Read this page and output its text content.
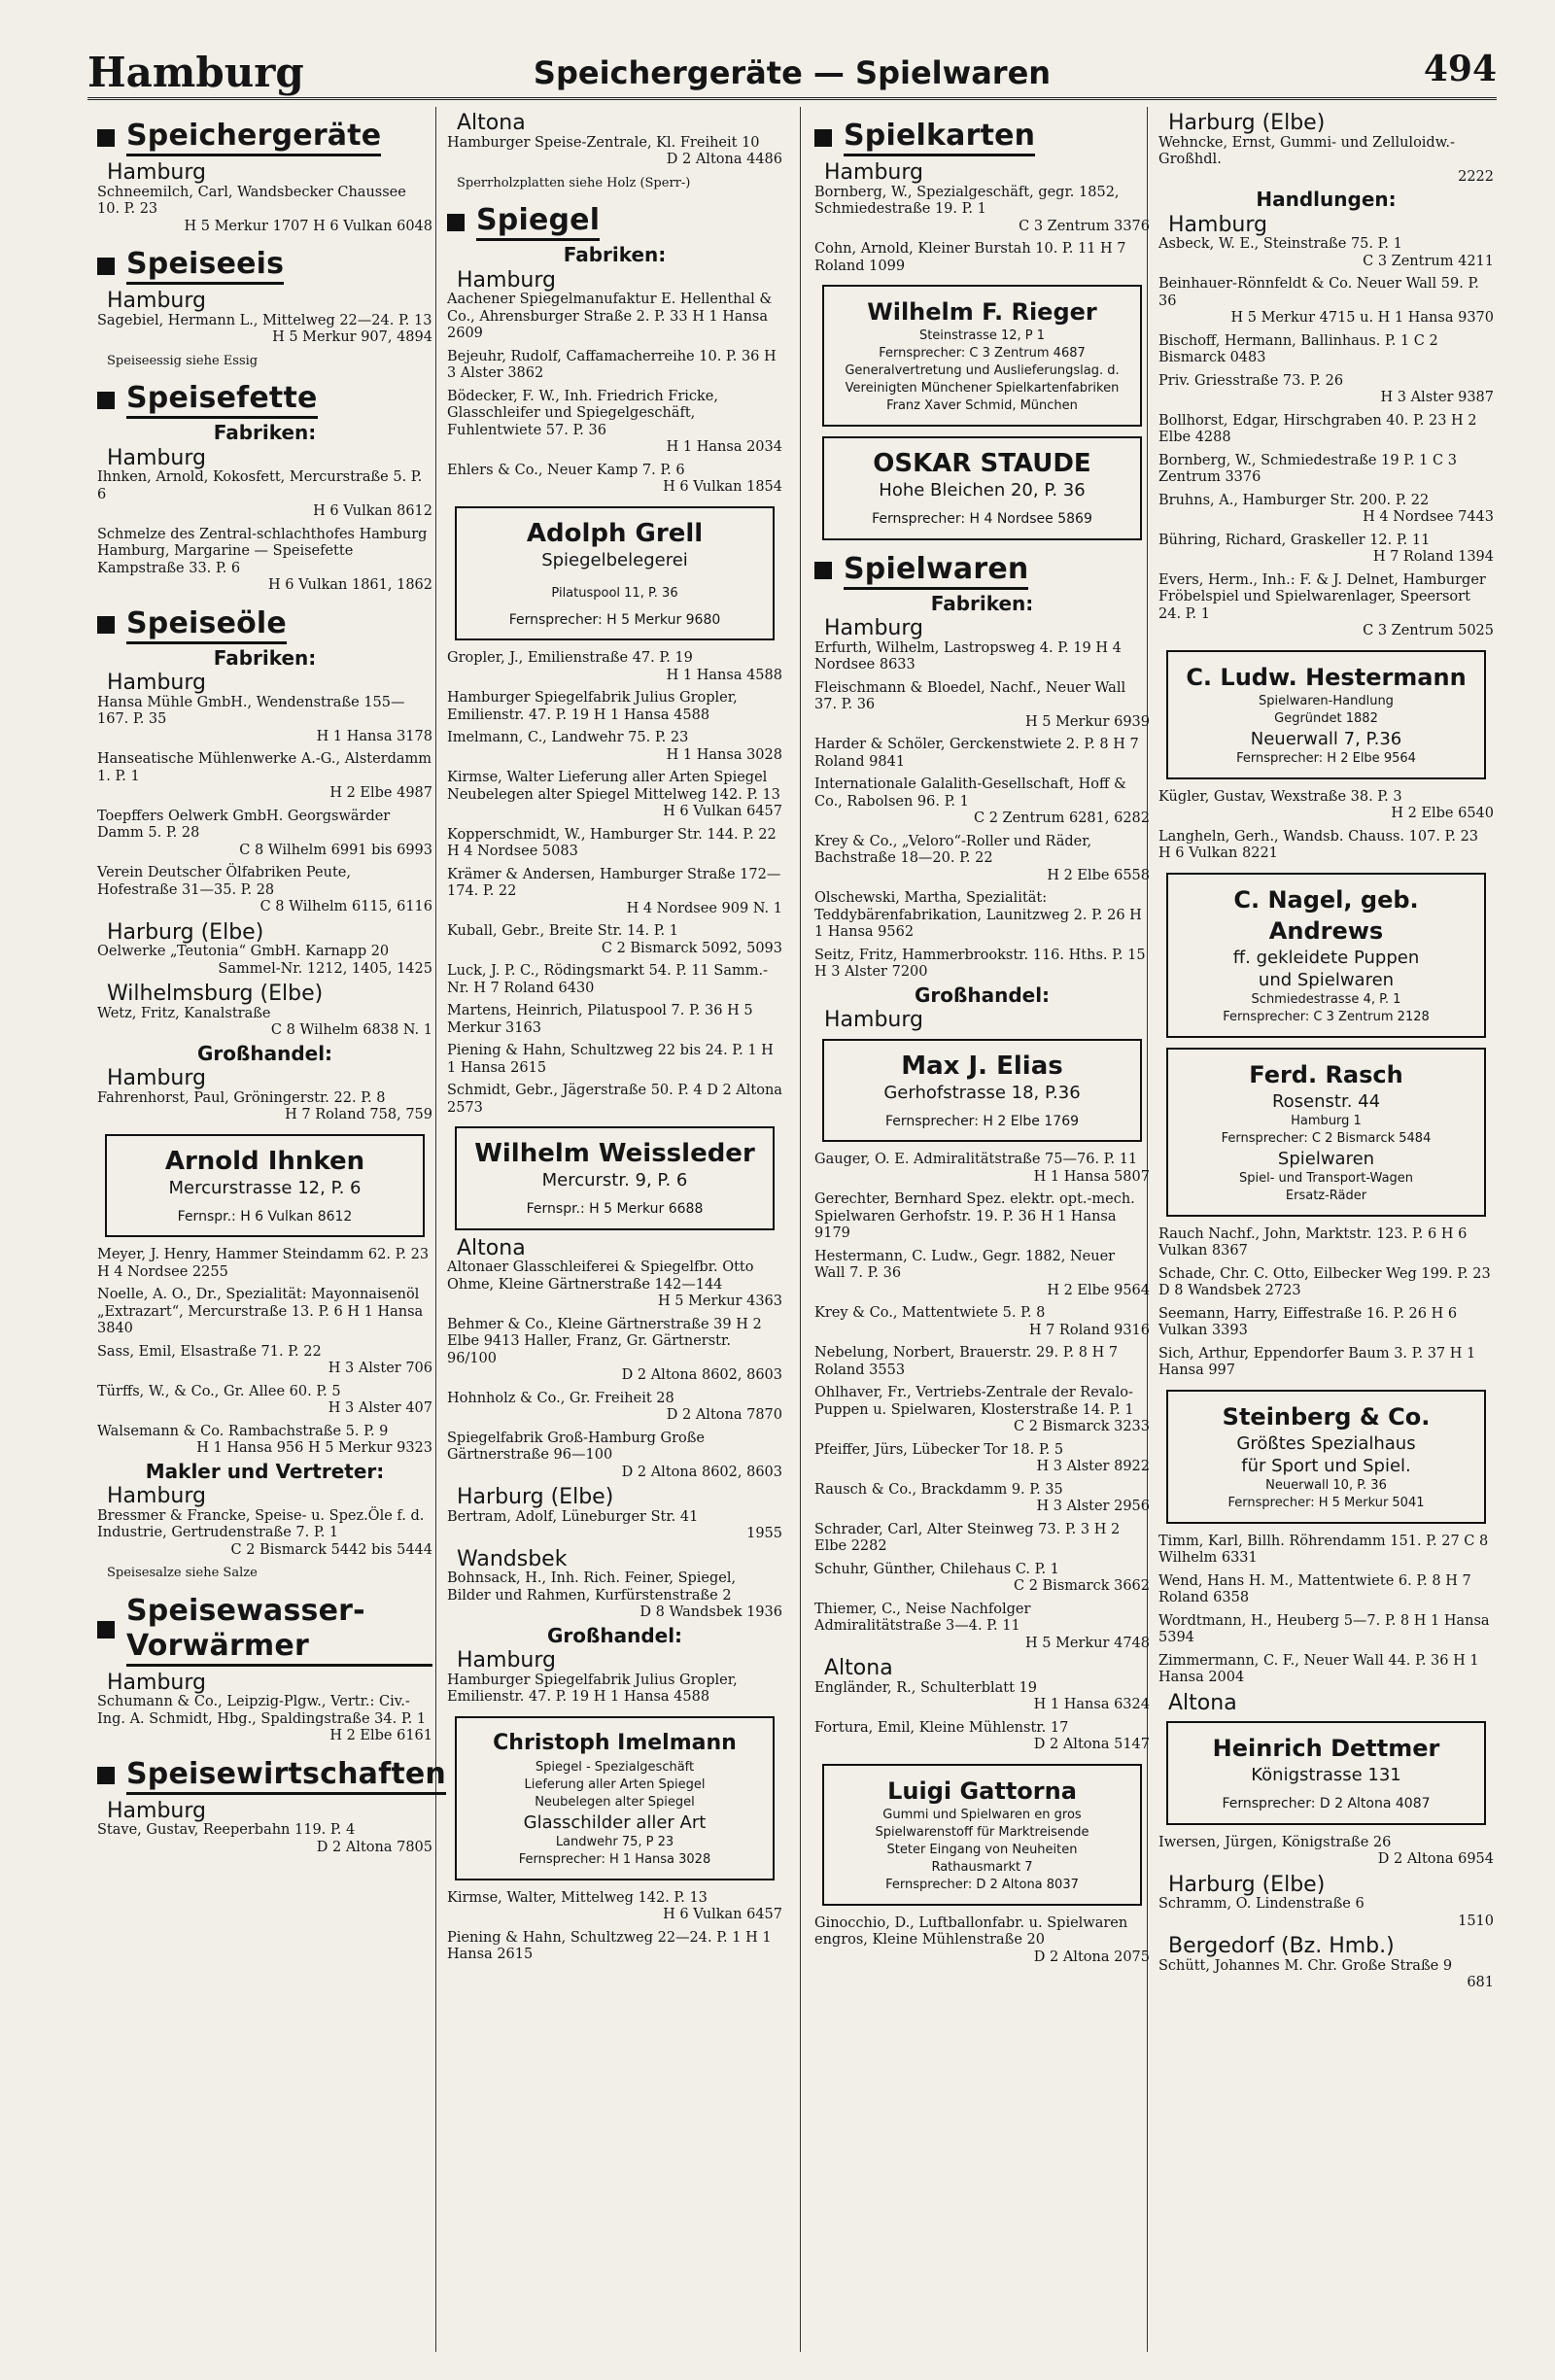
Hamburg	Speichergeräte — Spielwaren	494
Speichergeräte
Hamburg
Schneemilch, Carl, Wandsbecker Chaussee 10. P. 23
H 5 Merkur 1707 H 6 Vulkan 6048
Speiseeis
Hamburg
Sagebiel, Hermann L., Mittelweg 22—24. P. 13
H 5 Merkur 907, 4894
Speiseessig siehe Essig
Speisefette
Fabriken:
Hamburg
Ihnken, Arnold, Kokosfett, Mercurstraße 5. P. 6
H 6 Vulkan 8612
Schmelze des Zentral-schlachthofes Hamburg Hamburg, Margarine — Speisefette Kampstraße 33. P. 6
H 6 Vulkan 1861, 1862
Speiseöle
Fabriken:
Hamburg
Hansa Mühle GmbH., Wendenstraße 155—167. P. 35
H 1 Hansa 3178
Hanseatische Mühlenwerke A.-G., Alsterdamm 1. P. 1
H 2 Elbe 4987
Toepffers Oelwerk GmbH. Georgswärder Damm 5. P. 28
C 8 Wilhelm 6991 bis 6993
Verein Deutscher Ölfabriken Peute, Hofestraße 31—35. P. 28
C 8 Wilhelm 6115, 6116
Harburg (Elbe)
Oelwerke „Teutonia“ GmbH. Karnapp 20
Sammel-Nr. 1212, 1405, 1425
Wilhelmsburg (Elbe)
Wetz, Fritz, Kanalstraße
C 8 Wilhelm 6838 N. 1
Großhandel:
Hamburg
Fahrenhorst, Paul, Gröningerstr. 22. P. 8
H 7 Roland 758, 759
Arnold Ihnken
Mercurstrasse 12, P. 6
Fernspr.: H 6 Vulkan 8612
Meyer, J. Henry, Hammer Steindamm 62. P. 23 H 4 Nordsee 2255
Noelle, A. O., Dr., Spezialität: Mayonnaisenöl „Extrazart“, Mercurstraße 13. P. 6 H 1 Hansa 3840
Sass, Emil, Elsastraße 71. P. 22
H 3 Alster 706
Türffs, W., & Co., Gr. Allee 60. P. 5
H 3 Alster 407
Walsemann & Co. Rambachstraße 5. P. 9
H 1 Hansa 956 H 5 Merkur 9323
Makler und Vertreter:
Hamburg
Bressmer & Francke, Speise- u. Spez.Öle f. d. Industrie, Gertrudenstraße 7. P. 1
C 2 Bismarck 5442 bis 5444
Speisesalze siehe Salze
Speisewasser-Vorwärmer
Hamburg
Schumann & Co., Leipzig-Plgw., Vertr.: Civ.-Ing. A. Schmidt, Hbg., Spaldingstraße 34. P. 1
H 2 Elbe 6161
Speisewirtschaften
Hamburg
Stave, Gustav, Reeperbahn 119. P. 4
D 2 Altona 7805
Altona
Hamburger Speise-Zentrale, Kl. Freiheit 10
D 2 Altona 4486
Sperrholzplatten siehe Holz (Sperr-)
Spiegel
Fabriken:
Hamburg
Aachener Spiegelmanufaktur E. Hellenthal & Co., Ahrensburger Straße 2. P. 33 H 1 Hansa 2609
Bejeuhr, Rudolf, Caffamacherreihe 10. P. 36 H 3 Alster 3862
Bödecker, F. W., Inh. Friedrich Fricke, Glasschleifer und Spiegelgeschäft, Fuhlentwiete 57. P. 36
H 1 Hansa 2034
Ehlers & Co., Neuer Kamp 7. P. 6
H 6 Vulkan 1854
Adolph Grell
Spiegelbelegerei
Pilatuspool 11, P. 36
Fernsprecher: H 5 Merkur 9680
Gropler, J., Emilienstraße 47. P. 19
H 1 Hansa 4588
Hamburger Spiegelfabrik Julius Gropler, Emilienstr. 47. P. 19 H 1 Hansa 4588
Imelmann, C., Landwehr 75. P. 23
H 1 Hansa 3028
Kirmse, Walter Lieferung aller Arten Spiegel Neubelegen alter Spiegel Mittelweg 142. P. 13
H 6 Vulkan 6457
Kopperschmidt, W., Hamburger Str. 144. P. 22 H 4 Nordsee 5083
Krämer & Andersen, Hamburger Straße 172—174. P. 22
H 4 Nordsee 909 N. 1
Kuball, Gebr., Breite Str. 14. P. 1
C 2 Bismarck 5092, 5093
Luck, J. P. C., Rödingsmarkt 54. P. 11 Samm.-Nr. H 7 Roland 6430
Martens, Heinrich, Pilatuspool 7. P. 36 H 5 Merkur 3163
Piening & Hahn, Schultzweg 22 bis 24. P. 1 H 1 Hansa 2615
Schmidt, Gebr., Jägerstraße 50. P. 4 D 2 Altona 2573
Wilhelm Weissleder
Mercurstr. 9, P. 6
Fernspr.: H 5 Merkur 6688
Altona
Altonaer Glasschleiferei & Spiegelfbr. Otto Ohme, Kleine Gärtnerstraße 142—144
H 5 Merkur 4363
Behmer & Co., Kleine Gärtnerstraße 39 H 2 Elbe 9413 Haller, Franz, Gr. Gärtnerstr. 96/100
D 2 Altona 8602, 8603
Hohnholz & Co., Gr. Freiheit 28
D 2 Altona 7870
Spiegelfabrik Groß-Hamburg Große Gärtnerstraße 96—100
D 2 Altona 8602, 8603
Harburg (Elbe)
Bertram, Adolf, Lüneburger Str. 41
1955
Wandsbek
Bohnsack, H., Inh. Rich. Feiner, Spiegel, Bilder und Rahmen, Kurfürstenstraße 2
D 8 Wandsbek 1936
Großhandel:
Hamburg
Hamburger Spiegelfabrik Julius Gropler, Emilienstr. 47. P. 19 H 1 Hansa 4588
Christoph Imelmann
Spiegel - Spezialgeschäft
Lieferung aller Arten Spiegel
Neubelegen alter Spiegel
Glasschilder aller Art
Landwehr 75, P 23
Fernsprecher: H 1 Hansa 3028
Kirmse, Walter, Mittelweg 142. P. 13
H 6 Vulkan 6457
Piening & Hahn, Schultzweg 22—24. P. 1 H 1 Hansa 2615
Spielkarten
Hamburg
Bornberg, W., Spezialgeschäft, gegr. 1852, Schmiedestraße 19. P. 1
C 3 Zentrum 3376
Cohn, Arnold, Kleiner Burstah 10. P. 11 H 7 Roland 1099
Wilhelm F. Rieger
Steinstrasse 12, P 1
Fernsprecher: C 3 Zentrum 4687
Generalvertretung und Auslieferungslag. d. Vereinigten Münchener Spielkartenfabriken Franz Xaver Schmid, München
OSKAR STAUDE
Hohe Bleichen 20, P. 36
Fernsprecher: H 4 Nordsee 5869
Spielwaren
Fabriken:
Hamburg
Erfurth, Wilhelm, Lastropsweg 4. P. 19 H 4 Nordsee 8633
Fleischmann & Bloedel, Nachf., Neuer Wall 37. P. 36
H 5 Merkur 6939
Harder & Schöler, Gerckenstwiete 2. P. 8 H 7 Roland 9841
Internationale Galalith-Gesellschaft, Hoff & Co., Rabolsen 96. P. 1
C 2 Zentrum 6281, 6282
Krey & Co., „Veloro“-Roller und Räder, Bachstraße 18—20. P. 22
H 2 Elbe 6558
Olschewski, Martha, Spezialität: Teddybärenfabrikation, Launitzweg 2. P. 26 H 1 Hansa 9562
Seitz, Fritz, Hammerbrookstr. 116. Hths. P. 15 H 3 Alster 7200
Großhandel:
Hamburg
Max J. Elias
Gerhofstrasse 18, P.36
Fernsprecher: H 2 Elbe 1769
Gauger, O. E. Admiralitätstraße 75—76. P. 11
H 1 Hansa 5807
Gerechter, Bernhard Spez. elektr. opt.-mech. Spielwaren Gerhofstr. 19. P. 36 H 1 Hansa 9179
Hestermann, C. Ludw., Gegr. 1882, Neuer Wall 7. P. 36
H 2 Elbe 9564
Krey & Co., Mattentwiete 5. P. 8
H 7 Roland 9316
Nebelung, Norbert, Brauerstr. 29. P. 8 H 7 Roland 3553
Ohlhaver, Fr., Vertriebs-Zentrale der Revalo-Puppen u. Spielwaren, Klosterstraße 14. P. 1
C 2 Bismarck 3233
Pfeiffer, Jürs, Lübecker Tor 18. P. 5
H 3 Alster 8922
Rausch & Co., Brackdamm 9. P. 35
H 3 Alster 2956
Schrader, Carl, Alter Steinweg 73. P. 3 H 2 Elbe 2282
Schuhr, Günther, Chilehaus C. P. 1
C 2 Bismarck 3662
Thiemer, C., Neise Nachfolger Admiralitätstraße 3—4. P. 11
H 5 Merkur 4748
Altona
Engländer, R., Schulterblatt 19
H 1 Hansa 6324
Fortura, Emil, Kleine Mühlenstr. 17
D 2 Altona 5147
Luigi Gattorna
Gummi und Spielwaren en gros
Spielwarenstoff für Marktreisende
Steter Eingang von Neuheiten
Rathausmarkt 7
Fernsprecher: D 2 Altona 8037
Ginocchio, D., Luftballonfabr. u. Spielwaren engros, Kleine Mühlenstraße 20
D 2 Altona 2075
Harburg (Elbe)
Wehncke, Ernst, Gummi- und Zelluloidw.-Großhdl.
2222
Handlungen:
Hamburg
Asbeck, W. E., Steinstraße 75. P. 1
C 3 Zentrum 4211
Beinhauer-Rönnfeldt & Co. Neuer Wall 59. P. 36
H 5 Merkur 4715 u. H 1 Hansa 9370
Bischoff, Hermann, Ballinhaus. P. 1 C 2 Bismarck 0483
Priv. Griesstraße 73. P. 26
H 3 Alster 9387
Bollhorst, Edgar, Hirschgraben 40. P. 23 H 2 Elbe 4288
Bornberg, W., Schmiedestraße 19 P. 1 C 3 Zentrum 3376
Bruhns, A., Hamburger Str. 200. P. 22
H 4 Nordsee 7443
Bühring, Richard, Graskeller 12. P. 11
H 7 Roland 1394
Evers, Herm., Inh.: F. & J. Delnet, Hamburger Fröbelspiel und Spielwarenlager, Speersort 24. P. 1
C 3 Zentrum 5025
C. Ludw. Hestermann
Spielwaren-Handlung
Gegründet 1882
Neuerwall 7, P.36
Fernsprecher: H 2 Elbe 9564
Kügler, Gustav, Wexstraße 38. P. 3
H 2 Elbe 6540
Langheln, Gerh., Wandsb. Chauss. 107. P. 23 H 6 Vulkan 8221
C. Nagel, geb. Andrews
ff. gekleidete Puppen
und Spielwaren
Schmiedestrasse 4, P. 1
Fernsprecher: C 3 Zentrum 2128
Ferd. Rasch
Rosenstr. 44
Hamburg 1
Fernsprecher: C 2 Bismarck 5484
Spielwaren
Spiel- und Transport-Wagen
Ersatz-Räder
Rauch Nachf., John, Marktstr. 123. P. 6 H 6 Vulkan 8367
Schade, Chr. C. Otto, Eilbecker Weg 199. P. 23 D 8 Wandsbek 2723
Seemann, Harry, Eiffestraße 16. P. 26 H 6 Vulkan 3393
Sich, Arthur, Eppendorfer Baum 3. P. 37 H 1 Hansa 997
Steinberg & Co.
Größtes Spezialhaus
für Sport und Spiel.
Neuerwall 10, P. 36
Fernsprecher: H 5 Merkur 5041
Timm, Karl, Billh. Röhrendamm 151. P. 27 C 8 Wilhelm 6331
Wend, Hans H. M., Mattentwiete 6. P. 8 H 7 Roland 6358
Wordtmann, H., Heuberg 5—7. P. 8 H 1 Hansa 5394
Zimmermann, C. F., Neuer Wall 44. P. 36 H 1 Hansa 2004
Altona
Heinrich Dettmer
Königstrasse 131
Fernsprecher: D 2 Altona 4087
Iwersen, Jürgen, Königstraße 26
D 2 Altona 6954
Harburg (Elbe)
Schramm, O. Lindenstraße 6
1510
Bergedorf (Bz. Hmb.)
Schütt, Johannes M. Chr. Große Straße 9
681
